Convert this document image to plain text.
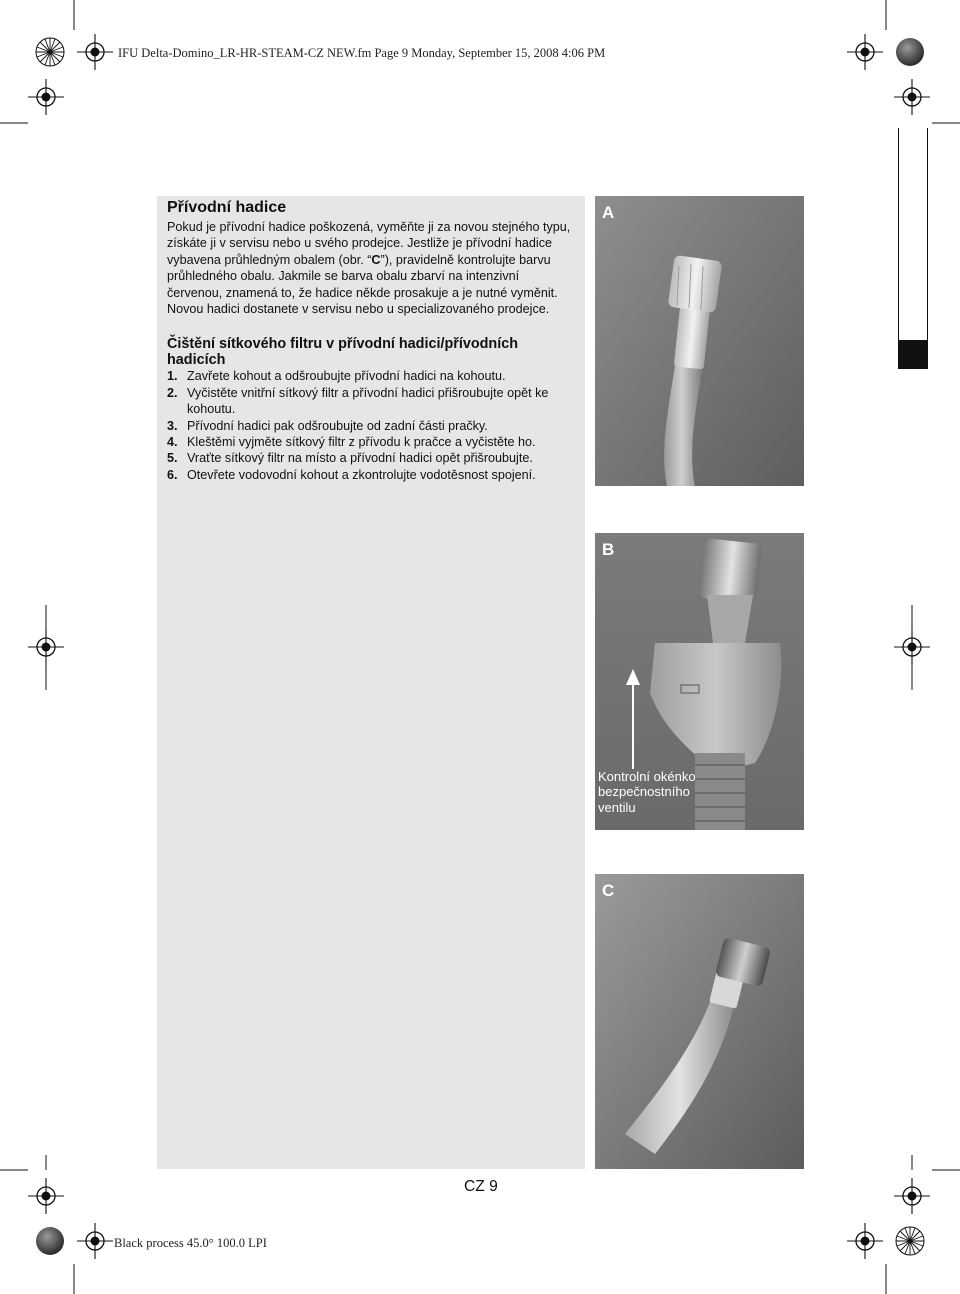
IFU Delta-Domino_LR-HR-STEAM-CZ NEW.fm Page 9 Monday, September 15, 2008 4:06 PM
Black process 45.0° 100.0 LPI
Přívodní hadice

Pokud je přívodní hadice poškozená, vyměňte ji za novou stejného typu, získáte ji v servisu nebo u svého prodejce. Jestliže je přívodní hadice vybavena průhledným obalem (obr. “C”), pravidelně kontrolujte barvu průhledného obalu. Jakmile se barva obalu zbarví na intenzivní červenou, znamená to, že hadice někde prosakuje a je nutné vyměnit. Novou hadici dostanete v servisu nebo u specializovaného prodejce.

Čištění sítkového filtru v přívodní hadici/přívodních hadicích
1. Zavřete kohout a odšroubujte přívodní hadici na kohoutu.
2. Vyčistěte vnitřní sítkový filtr a přívodní hadici přišroubujte opět ke kohoutu.
3. Přívodní hadici pak odšroubujte od zadní části pračky.
4. Kleštěmi vyjměte sítkový filtr z přívodu k pračce a vyčistěte ho.
5. Vraťte sítkový filtr na místo a přívodní hadici opět přišroubujte.
6. Otevřete vodovodní kohout a zkontrolujte vodotěsnost spojení.
A
B
Kontrolní okénko bezpečnostního ventilu
C
CZ 9
